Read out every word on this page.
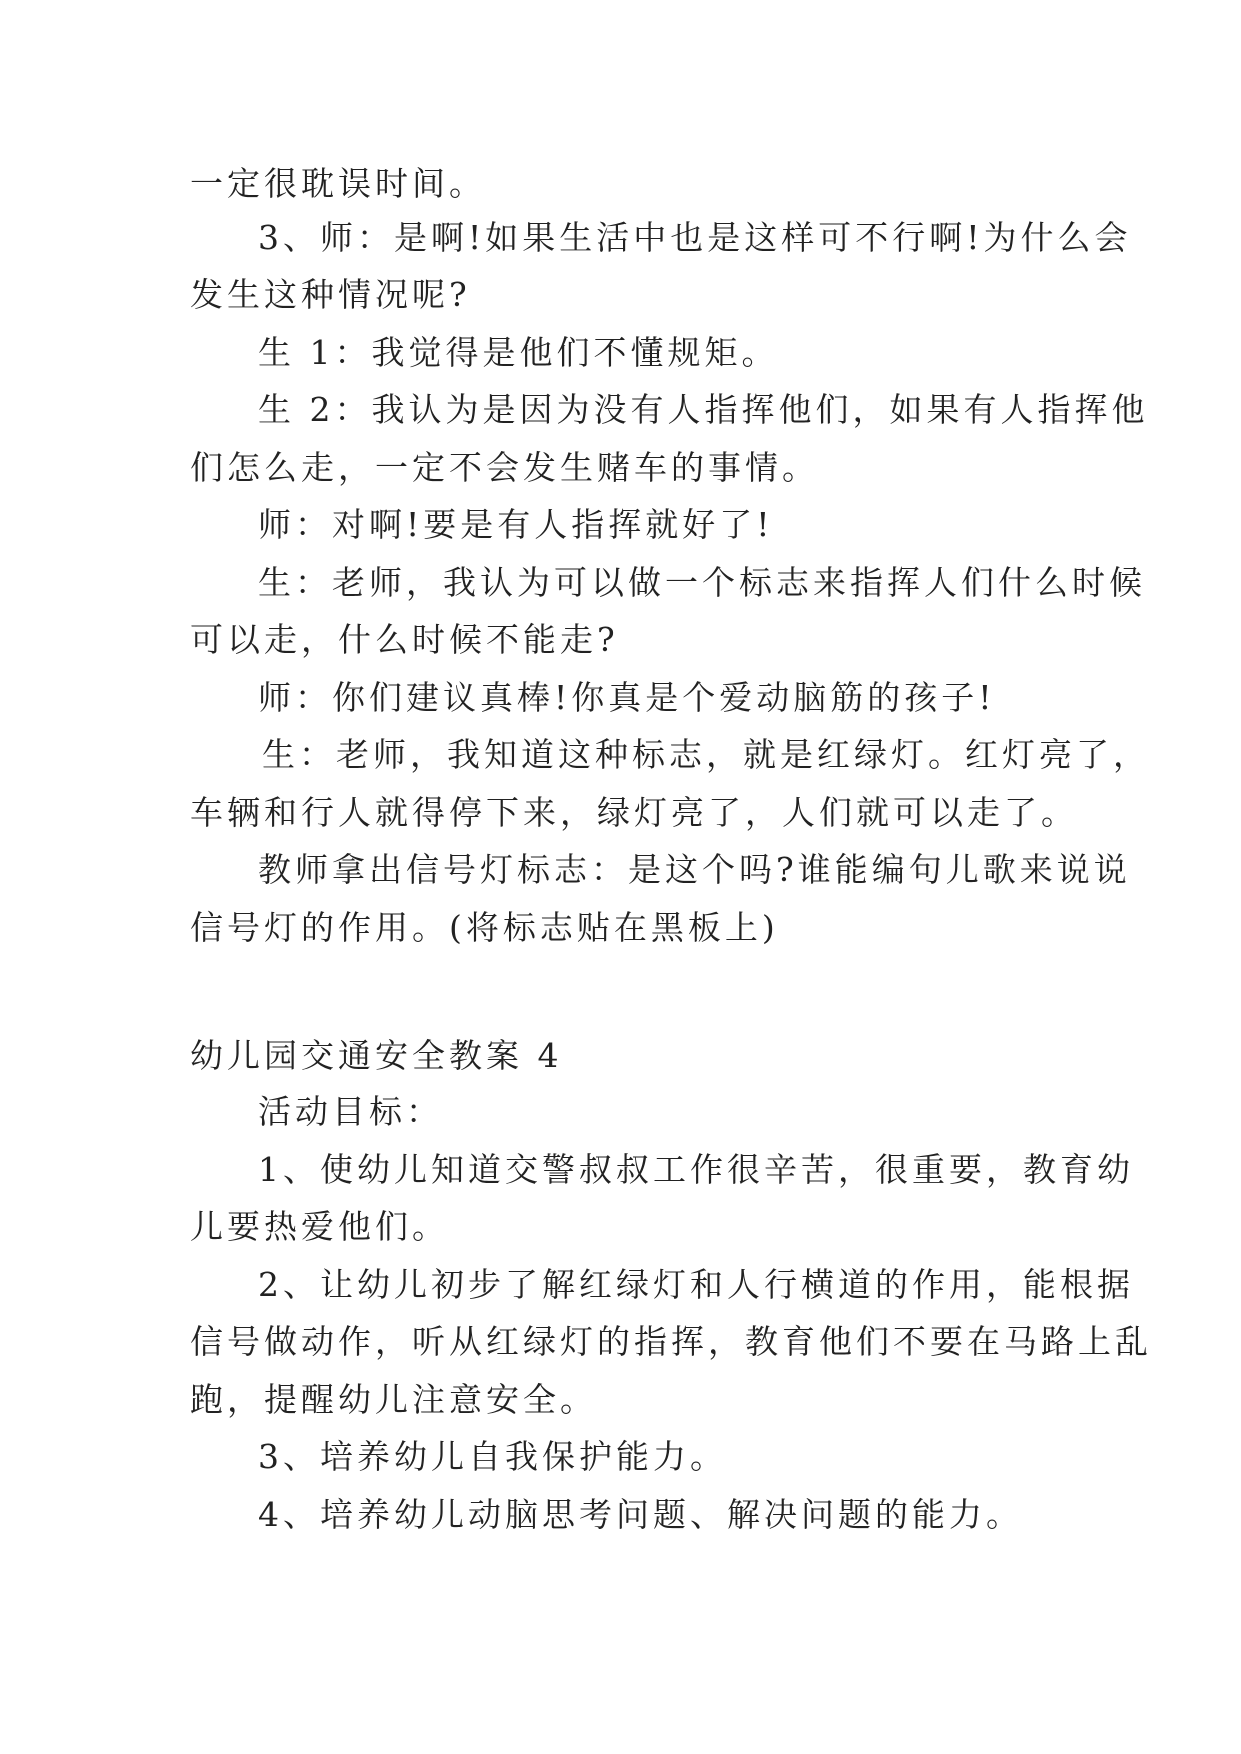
一定很耽误时间。
3、师：是啊!如果生活中也是这样可不行啊!为什么会
发生这种情况呢?
生 1：我觉得是他们不懂规矩。
生 2：我认为是因为没有人指挥他们，如果有人指挥他
们怎么走，一定不会发生赌车的事情。
师：对啊!要是有人指挥就好了!
生：老师，我认为可以做一个标志来指挥人们什么时候
可以走，什么时候不能走?
师：你们建议真棒!你真是个爱动脑筋的孩子!
生：老师，我知道这种标志，就是红绿灯。红灯亮了，
车辆和行人就得停下来，绿灯亮了，人们就可以走了。
教师拿出信号灯标志：是这个吗?谁能编句儿歌来说说
信号灯的作用。(将标志贴在黑板上)
幼儿园交通安全教案 4
活动目标：
1、使幼儿知道交警叔叔工作很辛苦，很重要，教育幼
儿要热爱他们。
2、让幼儿初步了解红绿灯和人行横道的作用，能根据
信号做动作，听从红绿灯的指挥，教育他们不要在马路上乱
跑，提醒幼儿注意安全。
3、培养幼儿自我保护能力。
4、培养幼儿动脑思考问题、解决问题的能力。
